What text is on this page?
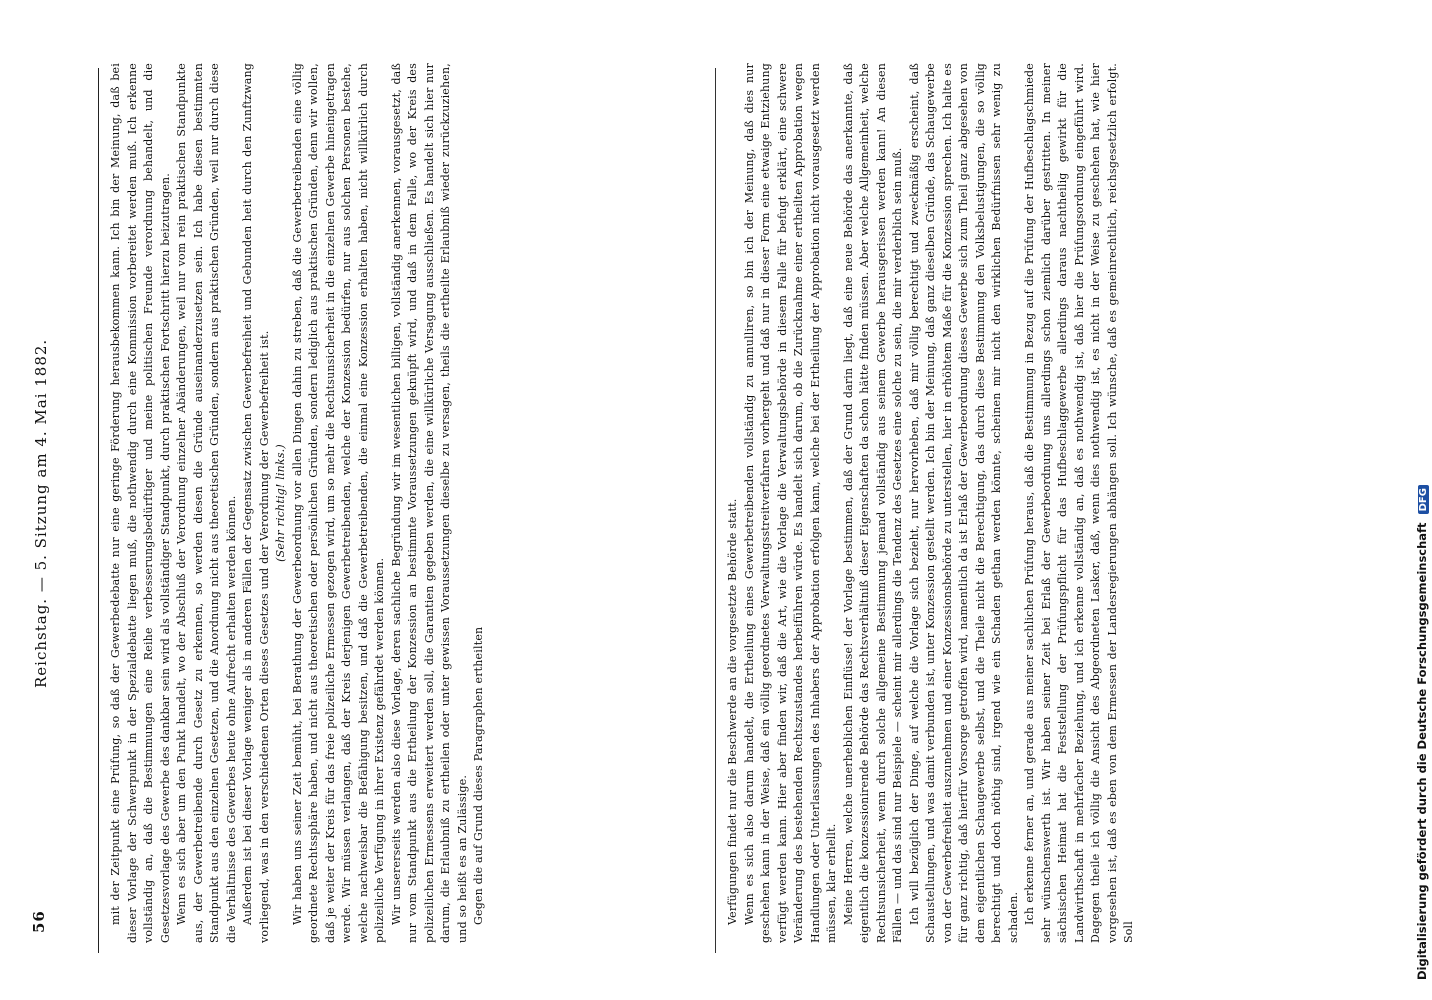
56
Reichstag. — 5. Sitzung am 4. Mai 1882.	mit der Zeitpunkt eine Prüfung, so daß der Gewerbedebatte nur eine geringe Förderung herausbekommen kann. Ich bin der Meinung, daß bei dieser Vorlage der Schwerpunkt in der Spezialdebatte liegen muß, die nothwendig durch eine Kommission vorbereitet werden muß. Ich erkenne vollständig an, daß die Bestimmungen eine Reihe verbesserungsbedürftiger und meine politischen Freunde verordnung behandelt, und die Gesetzesvorlage des Gewerbe des dankbar sein wird als vollständiger Standpunkt, durch praktischen Fortschritt hierzu beizutragen. Wenn es sich aber um den Punkt handelt, wo der Abschluß der Verordnung einzelner Abänderungen, weil nur vom rein praktischen Standpunkte aus, der Gewerbetreibende durch Gesetz zu erkennen, so werden diesen die Gründe auseinanderzusetzen sein. Ich habe diesen bestimmten Standpunkt aus den einzelnen Gesetzen, und die Anordnung nicht aus theoretischen Gründen, sondern aus praktischen Gründen, weil nur durch diese die Verhältnisse des Gewerbes heute ohne Aufrecht erhalten werden können. Außerdem ist bei dieser Vorlage weniger als in anderen Fällen der Gegensatz zwischen Gewerbefreiheit und Gebunden heit durch den Zunftzwang vorliegend, was in den verschiedenen Orten dieses Gesetzes und der Verordnung der Gewerbefreiheit ist. (Sehr richtig! links.) Wir haben uns seiner Zeit bemüht, bei Berathung der Gewerbeordnung vor allen Dingen dahin zu streben, daß die Gewerbetreibenden eine völlig geordnete Rechtssphäre haben, und nicht aus theoretischen oder persönlichen Gründen, sondern lediglich aus praktischen Gründen, denn wir wollen, daß je weiter der Kreis für das freie polizeiliche Ermessen gezogen wird, um so mehr die Rechtsunsicherheit in die einzelnen Gewerbe hineingetragen werde. Wir müssen verlangen, daß der Kreis derjenigen Gewerbetreibenden, welche der Konzession bedürfen, nur aus solchen Personen bestehe, welche nachweisbar die Befähigung besitzen, und daß die Gewerbetreibenden, die einmal eine Konzession erhalten haben, nicht willkürlich durch polizeiliche Verfügung in ihrer Existenz gefährdet werden können. Wir unsererseits werden also diese Vorlage, deren sachliche Begründung wir im wesentlichen billigen, vollständig anerkennen, vorausgesetzt, daß nur vom Standpunkt aus die Ertheilung der Konzession an bestimmte Voraussetzungen geknüpft wird, und daß in dem Falle, wo der Kreis des polizeilichen Ermessens erweitert werden soll, die Garantien gegeben werden, die eine willkürliche Versagung ausschließen. Es handelt sich hier nur darum, die Erlaubniß zu ertheilen oder unter gewissen Voraussetzungen dieselbe zu versagen, theils die ertheilte Erlaubniß wieder zurückzuziehen, und so heißt es an Zulässige. Gegen die auf Grund dieses Paragraphen ertheilten	Verfügungen findet nur die Beschwerde an die vorgesetzte Behörde statt. Wenn es sich also darum handelt, die Ertheilung eines Gewerbetreibenden vollständig zu annulliren, so bin ich der Meinung, daß dies nur geschehen kann in der Weise, daß ein völlig geordnetes Verwaltungsstreitverfahren vorhergeht und daß nur in dieser Form eine etwaige Entziehung verfügt werden kann. Hier aber finden wir, daß die Art, wie die Vorlage die Verwaltungsbehörde in diesem Falle für befugt erklärt, eine schwere Veränderung des bestehenden Rechtszustandes herbeiführen würde. Es handelt sich darum, ob die Zurücknahme einer ertheilten Approbation wegen Handlungen oder Unterlassungen des Inhabers der Approbation erfolgen kann, welche bei der Ertheilung der Approbation nicht vorausgesetzt werden müssen, klar erhellt. Meine Herren, welche unerheblichen Einflüsse! der Vorlage bestimmen, daß der Grund darin liegt, daß eine neue Behörde das anerkannte, daß eigentlich die konzessionirende Behörde das Rechtsverhältniß dieser Eigenschaften da schon hätte finden müssen. Aber welche Allgemeinheit, welche Rechtsunsicherheit, wenn durch solche allgemeine Bestimmung jemand vollständig aus seinem Gewerbe herausgerissen werden kann! An diesen Fällen — und das sind nur Beispiele — scheint mir allerdings die Tendenz des Gesetzes eine solche zu sein, die mir verderblich sein muß. Ich will bezüglich der Dinge, auf welche die Vorlage sich bezieht, nur hervorheben, daß mir völlig berechtigt und zweckmäßig erscheint, daß Schaustellungen, und was damit verbunden ist, unter Konzession gestellt werden. Ich bin der Meinung, daß ganz dieselben Gründe, das Schaugewerbe von der Gewerbefreiheit auszunehmen und einer Konzessionsbehörde zu unterstellen, hier in erhöhtem Maße für die Konzession sprechen. Ich halte es für ganz richtig, daß hierfür Vorsorge getroffen wird, namentlich da ist Erlaß der Gewerbeordnung dieses Gewerbe sich zum Theil ganz abgesehen von dem eigentlichen Schaugewerbe selbst, und die Theile nicht die Berechtigung, das durch diese Bestimmung den Volksbelustigungen, die so völlig berechtigt und doch nöthig sind, irgend wie ein Schaden gethan werden könnte, scheinen mir nicht den wirklichen Bedürfnissen sehr wenig zu schaden. Ich erkenne ferner an, und gerade aus meiner sachlichen Prüfung heraus, daß die Bestimmung in Bezug auf die Prüfung der Hufbeschlagschmiede sehr wünschenswerth ist. Wir haben seiner Zeit bei Erlaß der Gewerbeordnung uns allerdings schon ziemlich darüber gestritten. In meiner sächsischen Heimat hat die Feststellung der Prüfungspflicht für das Hufbeschlaggewerbe allerdings daraus nachtheilig gewirkt für die Landwirthschaft in mehrfacher Beziehung, und ich erkenne vollständig an, daß es nothwendig ist, daß hier die Prüfungsordnung eingeführt wird. Dagegen theile ich völlig die Ansicht des Abgeordneten Lasker, daß, wenn dies nothwendig ist, es nicht in der Weise zu geschehen hat, wie hier vorgesehen ist, daß es eben von dem Ermessen der Landesregierungen abhängen soll. Ich wünsche, daß es gemeinrechtlich, reichsgesetzlich erfolgt. Soll	Digitalisierung gefördert durch die Deutsche Forschungsgemeinschaft DFG
